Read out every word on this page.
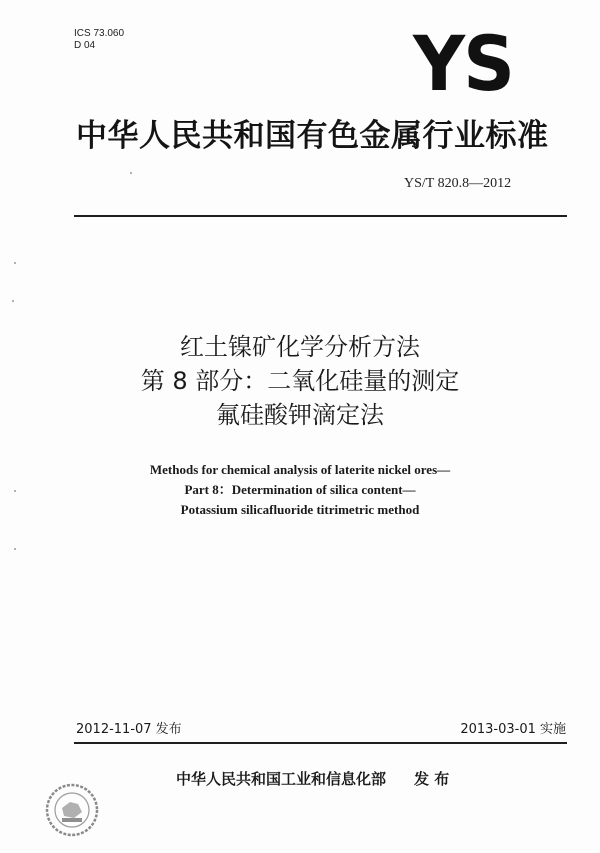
ICS 73.060
D 04	YS
中华人民共和国有色金属行业标准
YS/T 820.8—2012
红土镍矿化学分析方法
第 8 部分：二氧化硅量的测定
氟硅酸钾滴定法
Methods for chemical analysis of laterite nickel ores—
Part 8：Determination of silica content—
Potassium silicafluoride titrimetric method
2012-11-07 发布	2013-03-01 实施
中华人民共和国工业和信息化部 发 布
